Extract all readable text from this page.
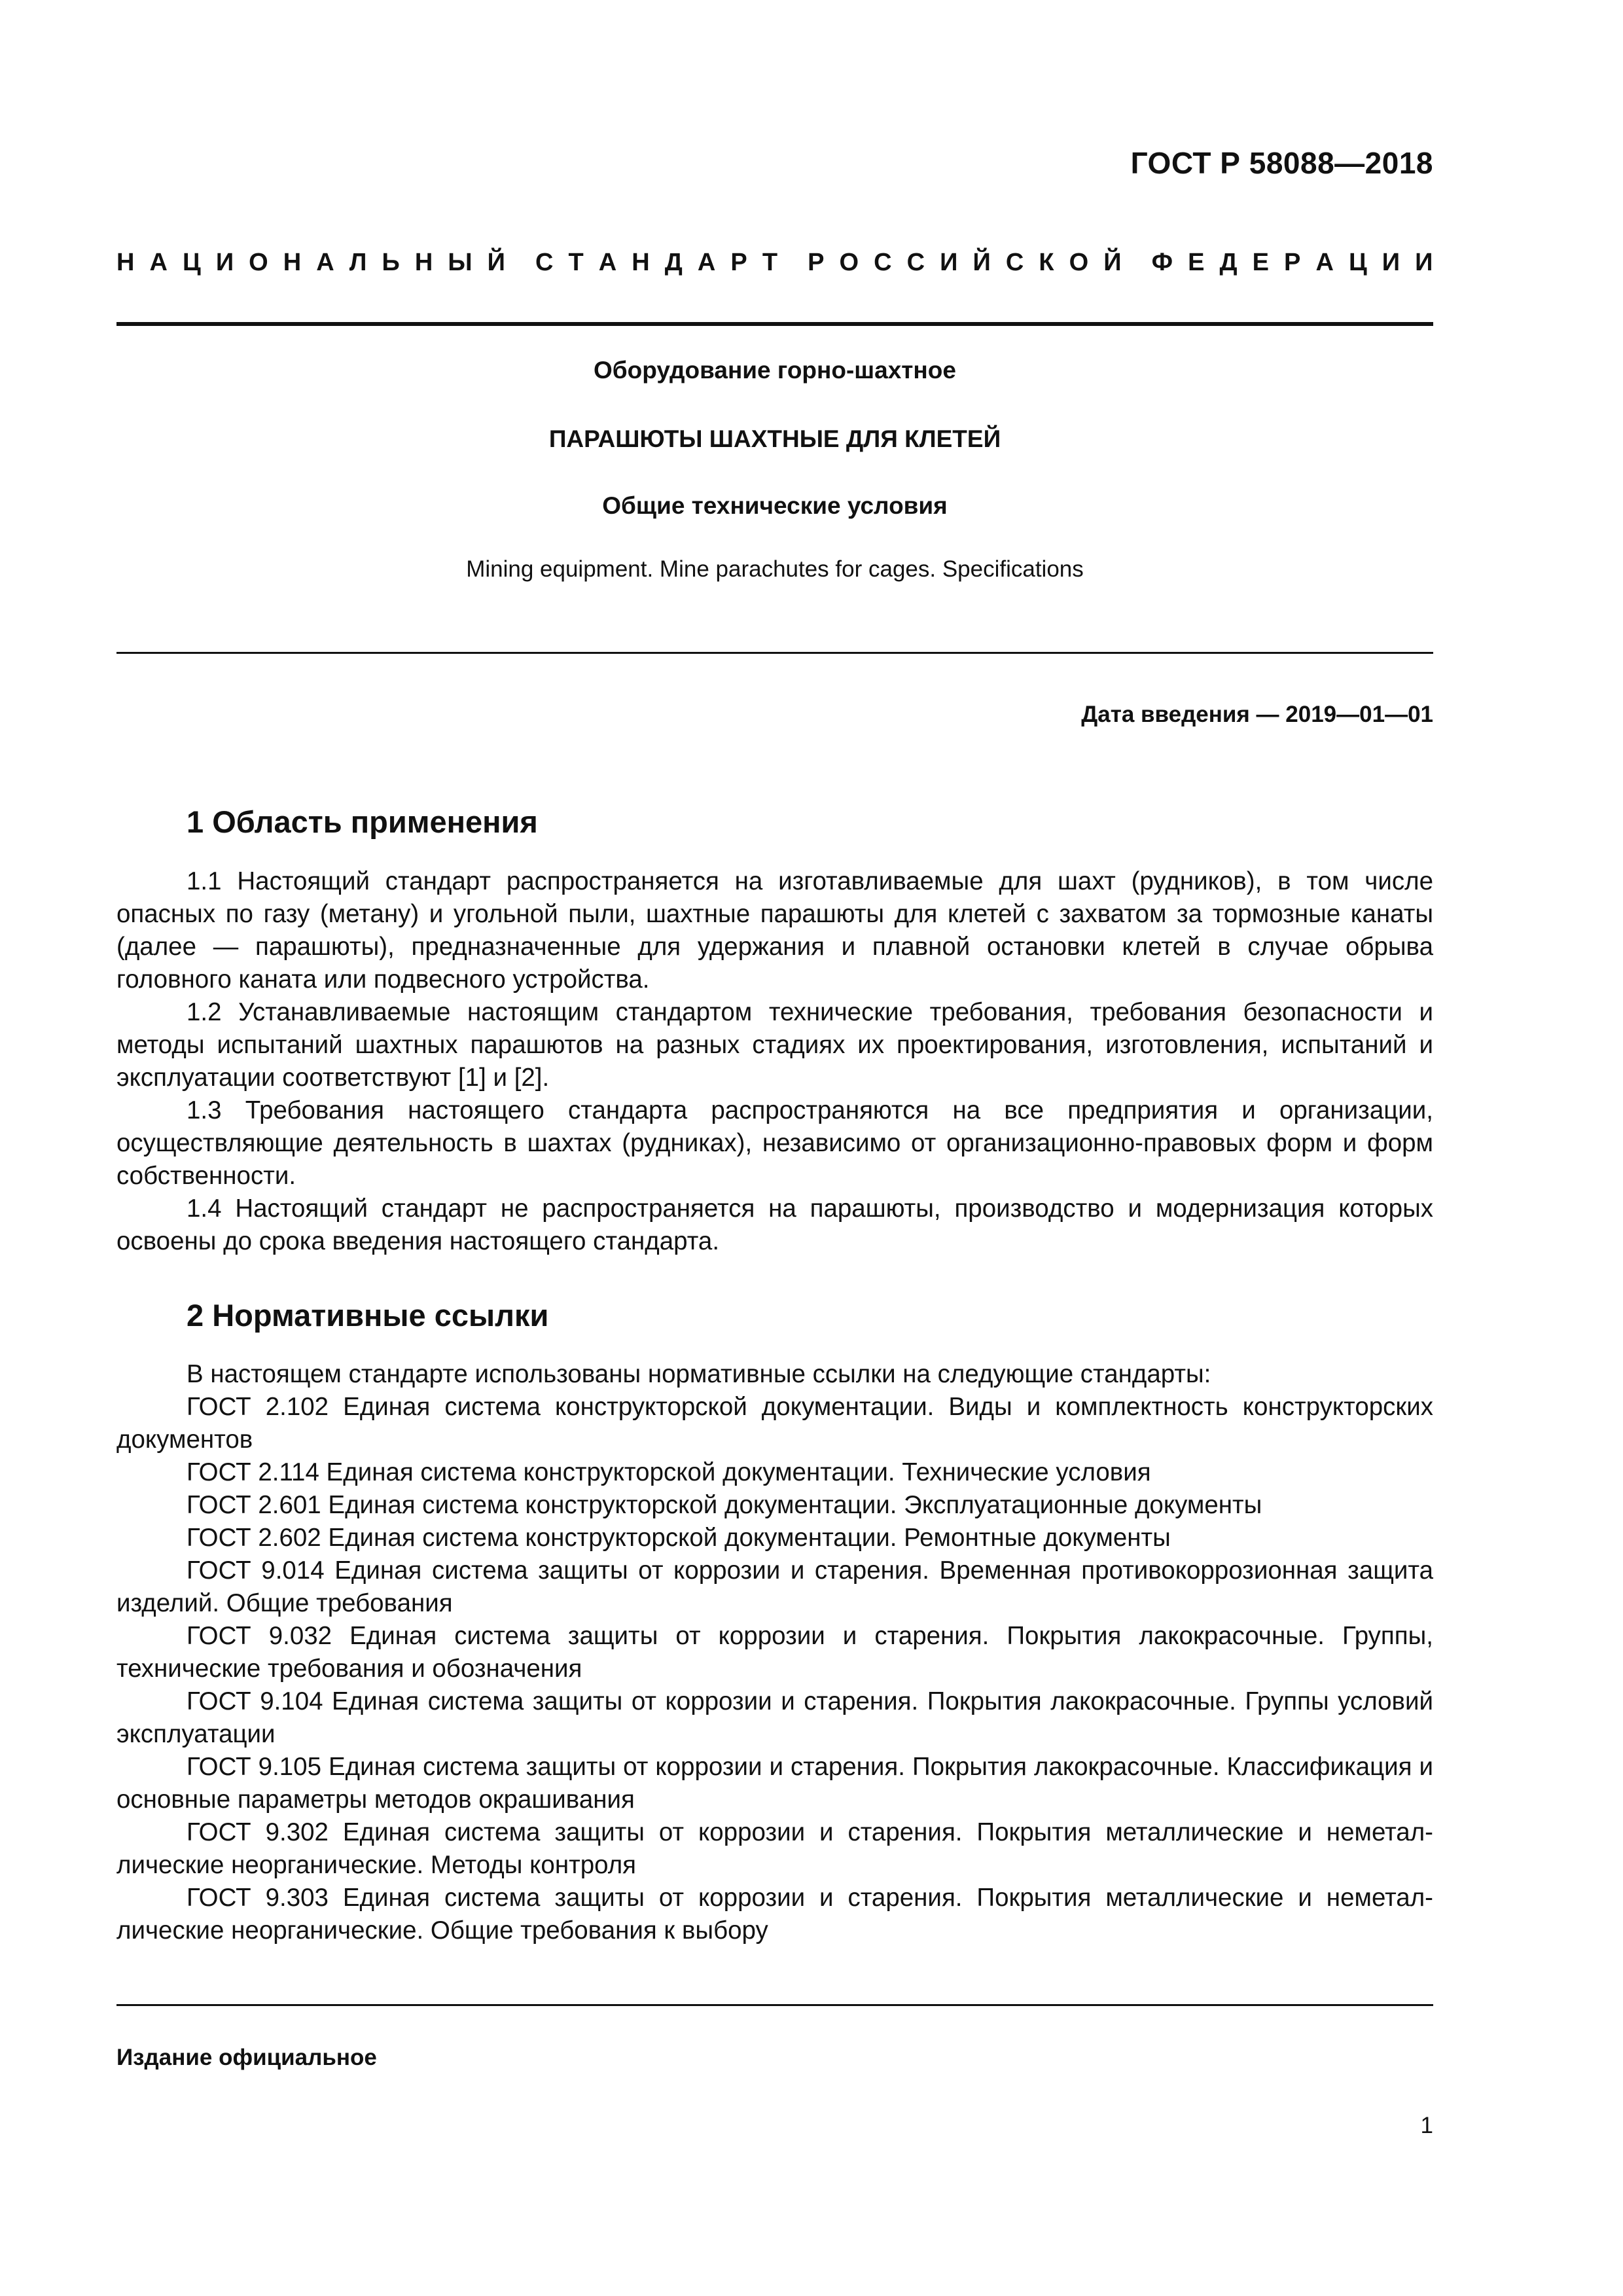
ГОСТ Р 58088—2018
Н А Ц И О Н А Л Ь Н Ы Й С Т А Н Д А Р Т Р О С С И Й С К О Й Ф Е Д Е Р А Ц И И
Оборудование горно-шахтное
ПАРАШЮТЫ ШАХТНЫЕ ДЛЯ КЛЕТЕЙ
Общие технические условия
Mining equipment. Mine parachutes for cages. Specifications
Дата введения — 2019—01—01
1 Область применения

1.1 Настоящий стандарт распространяется на изготавливаемые для шахт (рудников), в том числе опасных по газу (метану) и угольной пыли, шахтные парашюты для клетей с захватом за тормозные канаты (далее — парашюты), предназначенные для удержания и плавной остановки клетей в случае обрыва головного каната или подвесного устройства.

1.2 Устанавливаемые настоящим стандартом технические требования, требования безопасности и методы испытаний шахтных парашютов на разных стадиях их проектирования, изготовления, испытаний и эксплуатации соответствуют [1] и [2].

1.3 Требования настоящего стандарта распространяются на все предприятия и организации, осуществляющие деятельность в шахтах (рудниках), независимо от организационно-правовых форм и форм собственности.

1.4 Настоящий стандарт не распространяется на парашюты, производство и модернизация которых освоены до срока введения настоящего стандарта.

2 Нормативные ссылки

В настоящем стандарте использованы нормативные ссылки на следующие стандарты:

ГОСТ 2.102 Единая система конструкторской документации. Виды и комплектность конструкторских документов

ГОСТ 2.114 Единая система конструкторской документации. Технические условия

ГОСТ 2.601 Единая система конструкторской документации. Эксплуатационные документы

ГОСТ 2.602 Единая система конструкторской документации. Ремонтные документы

ГОСТ 9.014 Единая система защиты от коррозии и старения. Временная противокоррозионная защита изделий. Общие требования

ГОСТ 9.032 Единая система защиты от коррозии и старения. Покрытия лакокрасочные. Группы, технические требования и обозначения

ГОСТ 9.104 Единая система защиты от коррозии и старения. Покрытия лакокрасочные. Группы условий эксплуатации

ГОСТ 9.105 Единая система защиты от коррозии и старения. Покрытия лакокрасочные. Классификация и основные параметры методов окрашивания

ГОСТ 9.302 Единая система защиты от коррозии и старения. Покрытия металлические и неметаллические неорганические. Методы контроля

ГОСТ 9.303 Единая система защиты от коррозии и старения. Покрытия металлические и неметаллические неорганические. Общие требования к выбору

Издание официальное
1
